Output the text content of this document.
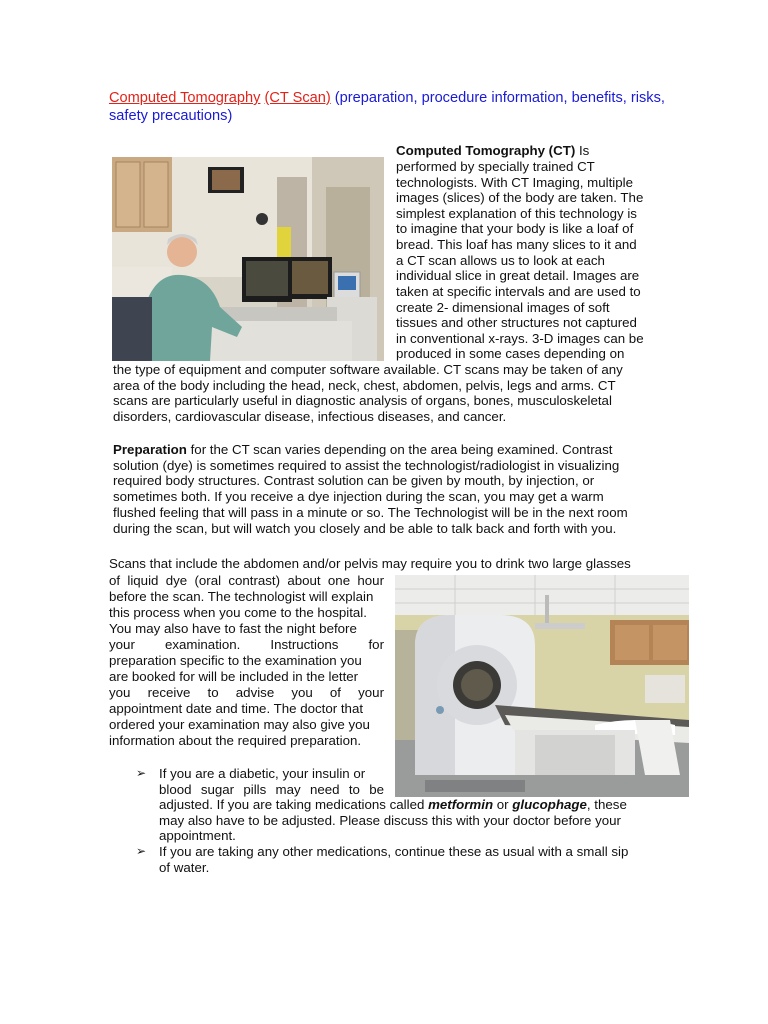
Computed Tomography (CT Scan) (preparation, procedure information, benefits, risks, safety precautions)
Computed Tomography (CT) Is
performed by specially trained CT
technologists. With CT Imaging, multiple
images (slices) of the body are taken. The
simplest explanation of this technology is
to imagine that your body is like a loaf of
bread. This loaf has many slices to it and
a CT scan allows us to look at each
individual slice in great detail. Images are
taken at specific intervals and are used to
create 2- dimensional images of soft
tissues and other structures not captured
in conventional x-rays. 3-D images can be
produced in some cases depending on
the type of equipment and computer software available. CT scans may be taken of any
area of the body including the head, neck, chest, abdomen, pelvis, legs and arms. CT
scans are particularly useful in diagnostic analysis of organs, bones, musculoskeletal
disorders, cardiovascular disease, infectious diseases, and cancer.
Preparation for the CT scan varies depending on the area being examined. Contrast
solution (dye) is sometimes required to assist the technologist/radiologist in visualizing
required body structures. Contrast solution can be given by mouth, by injection, or
sometimes both. If you receive a dye injection during the scan, you may get a warm
flushed feeling that will pass in a minute or so. The Technologist will be in the next room
during the scan, but will watch you closely and be able to talk back and forth with you.
Scans that include the abdomen and/or pelvis may require you to drink two large glasses
of liquid dye (oral contrast) about one hour
before the scan. The technologist will explain
this process when you come to the hospital.
You may also have to fast the night before
your examination. Instructions for
preparation specific to the examination you
are booked for will be included in the letter
you receive to advise you of your
appointment date and time. The doctor that
ordered your examination may also give you
information about the required preparation.
➢ If you are a diabetic, your insulin or
blood sugar pills may need to be
adjusted. If you are taking medications called metformin or glucophage, these
may also have to be adjusted. Please discuss this with your doctor before your
appointment.
➢ If you are taking any other medications, continue these as usual with a small sip
of water.
